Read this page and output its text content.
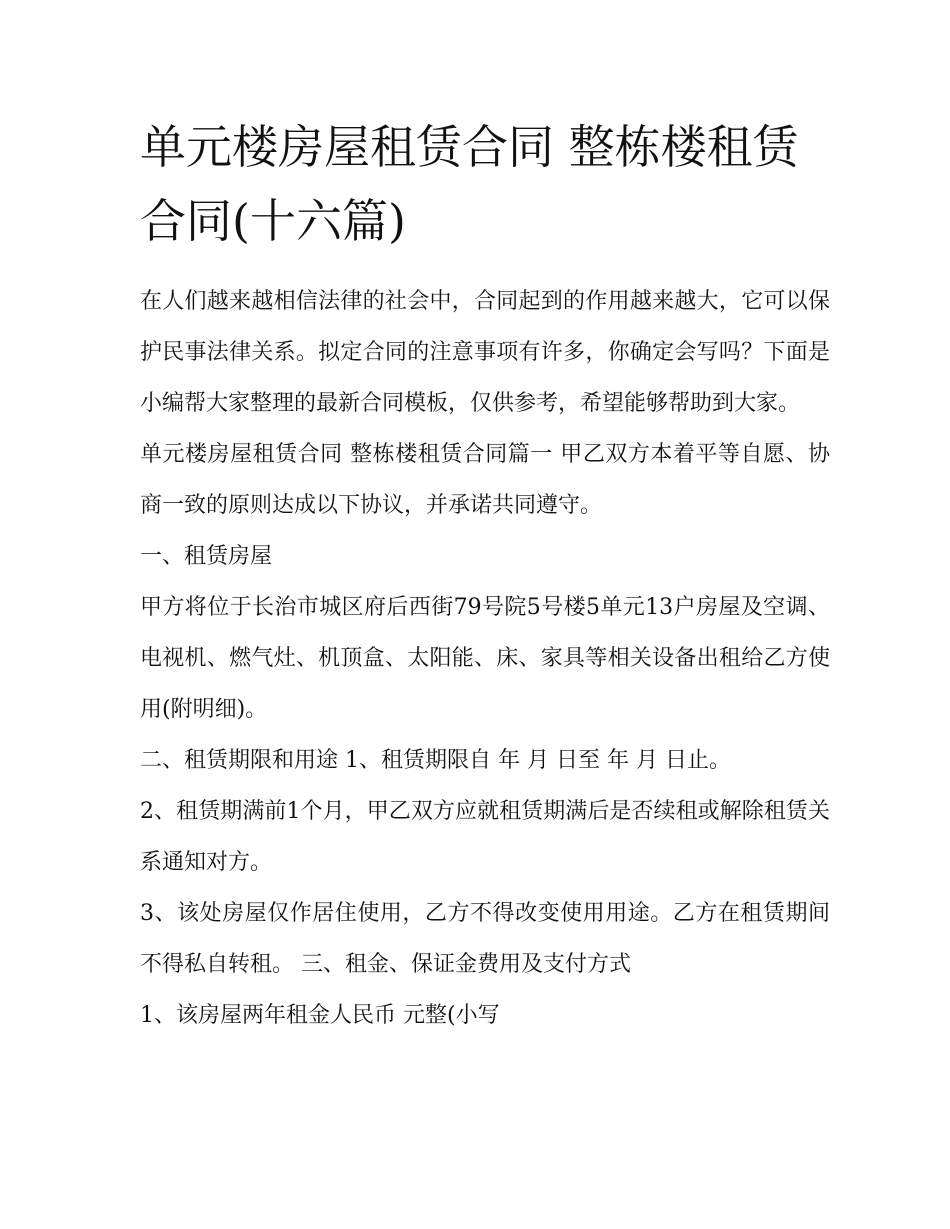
单元楼房屋租赁合同 整栋楼租赁合同(十六篇)

在人们越来越相信法律的社会中，合同起到的作用越来越大，它可以保护民事法律关系。拟定合同的注意事项有许多，你确定会写吗？下面是小编帮大家整理的最新合同模板，仅供参考，希望能够帮助到大家。

单元楼房屋租赁合同 整栋楼租赁合同篇一 甲乙双方本着平等自愿、协商一致的原则达成以下协议，并承诺共同遵守。

一、租赁房屋

甲方将位于长治市城区府后西街79号院5号楼5单元13户房屋及空调、电视机、燃气灶、机顶盒、太阳能、床、家具等相关设备出租给乙方使用(附明细)。

二、租赁期限和用途 1、租赁期限自 年 月 日至 年 月 日止。

2、租赁期满前1个月，甲乙双方应就租赁期满后是否续租或解除租赁关系通知对方。

3、该处房屋仅作居住使用，乙方不得改变使用用途。乙方在租赁期间不得私自转租。 三、租金、保证金费用及支付方式

1、该房屋两年租金人民币 元整(小写
